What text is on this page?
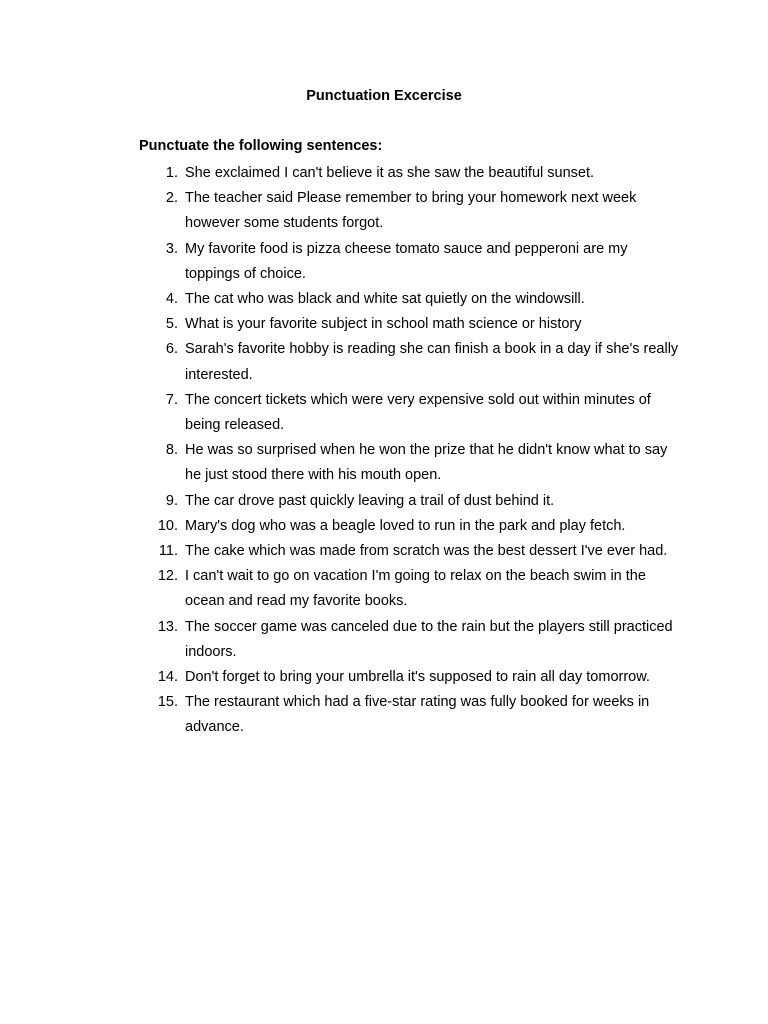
Punctuation Excercise
Punctuate the following sentences:
1. She exclaimed I can't believe it as she saw the beautiful sunset.
2. The teacher said Please remember to bring your homework next week however some students forgot.
3. My favorite food is pizza cheese tomato sauce and pepperoni are my toppings of choice.
4. The cat who was black and white sat quietly on the windowsill.
5. What is your favorite subject in school math science or history
6. Sarah's favorite hobby is reading she can finish a book in a day if she's really interested.
7. The concert tickets which were very expensive sold out within minutes of being released.
8. He was so surprised when he won the prize that he didn't know what to say he just stood there with his mouth open.
9. The car drove past quickly leaving a trail of dust behind it.
10. Mary's dog who was a beagle loved to run in the park and play fetch.
11. The cake which was made from scratch was the best dessert I've ever had.
12. I can't wait to go on vacation I'm going to relax on the beach swim in the ocean and read my favorite books.
13. The soccer game was canceled due to the rain but the players still practiced indoors.
14. Don't forget to bring your umbrella it's supposed to rain all day tomorrow.
15. The restaurant which had a five-star rating was fully booked for weeks in advance.
